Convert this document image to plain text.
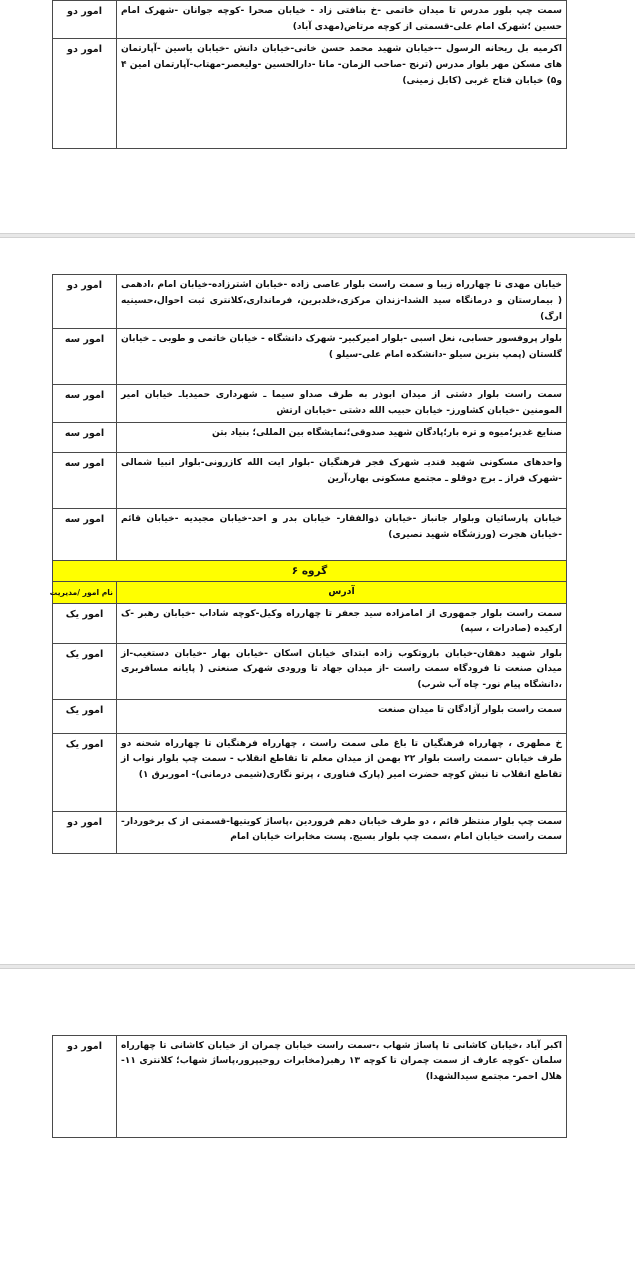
سمت چپ بلور مدرس تا میدان خاتمی -خ بنافتی زاد - خیابان صحرا -کوچه جوانان -شهرک امام حسین ؛شهرک امام علی-قسمتی از کوچه مرتاض(مهدی آباد)	امور دو
اکرمیه بل ریحانه الرسول --خیابان شهید محمد حسن خانی-خیابان دانش -خیابان یاسین -آپارتمان های مسکن مهر بلوار مدرس (ترنج -صاحب الزمان- مانا -دارالحسین -ولیعصر-مهتاب-آپارتمان امین ۴ و۵) خیابان فتاح غربی (کابل زمینی)	امور دو
خیابان مهدی تا چهارراه زیبا و سمت راست بلوار عاصی زاده -خیابان اشترزاده-خیابان امام ،ادهمی ( بیمارستان و درمانگاه سید الشدا-زندان مرکزی،خلدبرین، فرمانداری،کلانتری ثبت احوال،حسینیه ارگ)	امور دو
بلوار پروفسور حسابی، نعل اسبی -بلوار امیرکبیر- شهرک دانشگاه - خیابان خاتمی و طوبی ـ خیابان گلستان (پمپ بنزین سیلو -دانشکده امام علی-سیلو )	امور سه
سمت راست بلوار دشتی از میدان ابوذر به طرف صداو سیما ـ شهرداری حمیدیاـ خیابان امیر المومنین -خیابان کشاورز- خیابان حبیب الله دشتی -خیابان ارتش	امور سه
صنایع غدیر؛میوه و تره بار؛پادگان شهید صدوقی؛نمایشگاه بین المللی؛ بنیاد بتن	امور سه
واحدهای مسکونی شهید قندیـ شهرک فجر فرهنگیان -بلوار ایت الله کازرونی-بلوار انبیا شمالی -شهرک فراز ـ برج دوقلو ـ مجتمع مسکونی بهار،آرین	امور سه
خیابان پارسائیان وبلوار جانباز -خیابان ذوالفقار- خیابان بدر و احد-خیابان مجیدیه -خیابان قائم -خیابان هجرت (ورزشگاه شهید نصیری)	امور سه
گروه ۶	
آدرس	نام امور /مدیریت
سمت راست بلوار جمهوری از امامزاده سید جعفر تا چهارراه وکیل-کوچه شاداب -خیابان رهبر -ک ارکیده (صادرات ، سپه)	امور یک
بلوار شهید دهقان-خیابان باروتکوب زاده ابتدای خیابان اسکان -خیابان بهار -خیابان دستغیب-از میدان صنعت تا فرودگاه سمت راست -از میدان جهاد تا ورودی شهرک صنعتی ( پایانه مسافربری ،دانشگاه پیام نور- چاه آب شرب)	امور یک
سمت راست بلوار آزادگان تا میدان صنعت	امور یک
خ مطهری ، چهارراه فرهنگیان تا باغ ملی سمت راست ، چهارراه فرهنگیان تا چهارراه شحنه دو طرف خیابان -سمت راست بلوار ۲۲ بهمن از میدان معلم تا تقاطع انقلاب - سمت چپ بلوار نواب از تقاطع انقلاب تا نبش کوچه حضرت امیر (پارک فناوری ، پرتو نگاری(شیمی درمانی)- اموربرق ۱)	امور یک
سمت چپ بلوار منتظر قائم ، دو طرف خیابان دهم فروردین ،پاساژ کویتیها-قسمتی از ک برخوردار-سمت راست خیابان امام ،سمت چپ بلوار بسیج. پست مخابرات خیابان امام	امور دو
اکبر آباد ،خیابان کاشانی تا پاساژ شهاب ،-سمت راست خیابان چمران از خیابان کاشانی تا چهارراه سلمان -کوچه عارف از سمت چمران تا کوچه ۱۳ رهبر(مخابرات روحیپرور،پاساژ شهاب؛ کلانتری ۱۱-هلال احمر- مجتمع سیدالشهدا)	امور دو
